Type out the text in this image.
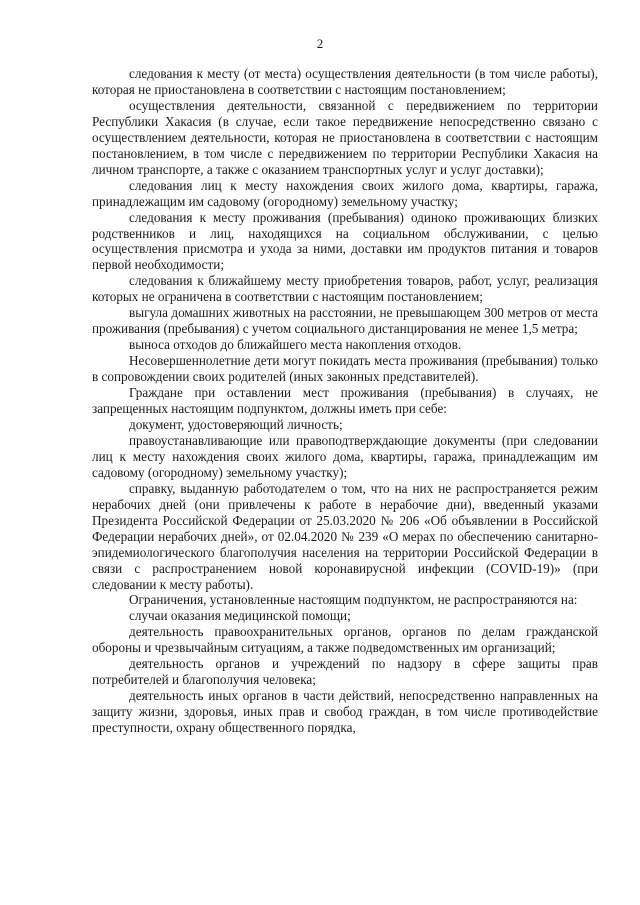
2

следования к месту (от места) осуществления деятельности (в том числе работы), которая не приостановлена в соответствии с настоящим постановлением;

осуществления деятельности, связанной с передвижением по территории Республики Хакасия (в случае, если такое передвижение непосредственно связано с осуществлением деятельности, которая не приостановлена в соответствии с настоящим постановлением, в том числе с передвижением по территории Республики Хакасия на личном транспорте, а также с оказанием транспортных услуг и услуг доставки);

следования лиц к месту нахождения своих жилого дома, квартиры, гаража, принадлежащим им садовому (огородному) земельному участку;

следования к месту проживания (пребывания) одиноко проживающих близких родственников и лиц, находящихся на социальном обслуживании, с целью осуществления присмотра и ухода за ними, доставки им продуктов питания и товаров первой необходимости;

следования к ближайшему месту приобретения товаров, работ, услуг, реализация которых не ограничена в соответствии с настоящим постановлением;

выгула домашних животных на расстоянии, не превышающем 300 метров от места проживания (пребывания) с учетом социального дистанцирования не менее 1,5 метра;

выноса отходов до ближайшего места накопления отходов.

Несовершеннолетние дети могут покидать места проживания (пребывания) только в сопровождении своих родителей (иных законных представителей).

Граждане при оставлении мест проживания (пребывания) в случаях, не запрещенных настоящим подпунктом, должны иметь при себе:

документ, удостоверяющий личность;

правоустанавливающие или правоподтверждающие документы (при следовании лиц к месту нахождения своих жилого дома, квартиры, гаража, принадлежащим им садовому (огородному) земельному участку);

справку, выданную работодателем о том, что на них не распространяется режим нерабочих дней (они привлечены к работе в нерабочие дни), введенный указами Президента Российской Федерации от 25.03.2020 № 206 «Об объявлении в Российской Федерации нерабочих дней», от 02.04.2020 № 239 «О мерах по обеспечению санитарно-эпидемиологического благополучия населения на территории Российской Федерации в связи с распространением новой коронавирусной инфекции (COVID-19)» (при следовании к месту работы).

Ограничения, установленные настоящим подпунктом, не распространяются на:

случаи оказания медицинской помощи;

деятельность правоохранительных органов, органов по делам гражданской обороны и чрезвычайным ситуациям, а также подведомственных им организаций;

деятельность органов и учреждений по надзору в сфере защиты прав потребителей и благополучия человека;

деятельность иных органов в части действий, непосредственно направленных на защиту жизни, здоровья, иных прав и свобод граждан, в том числе противодействие преступности, охрану общественного порядка,
